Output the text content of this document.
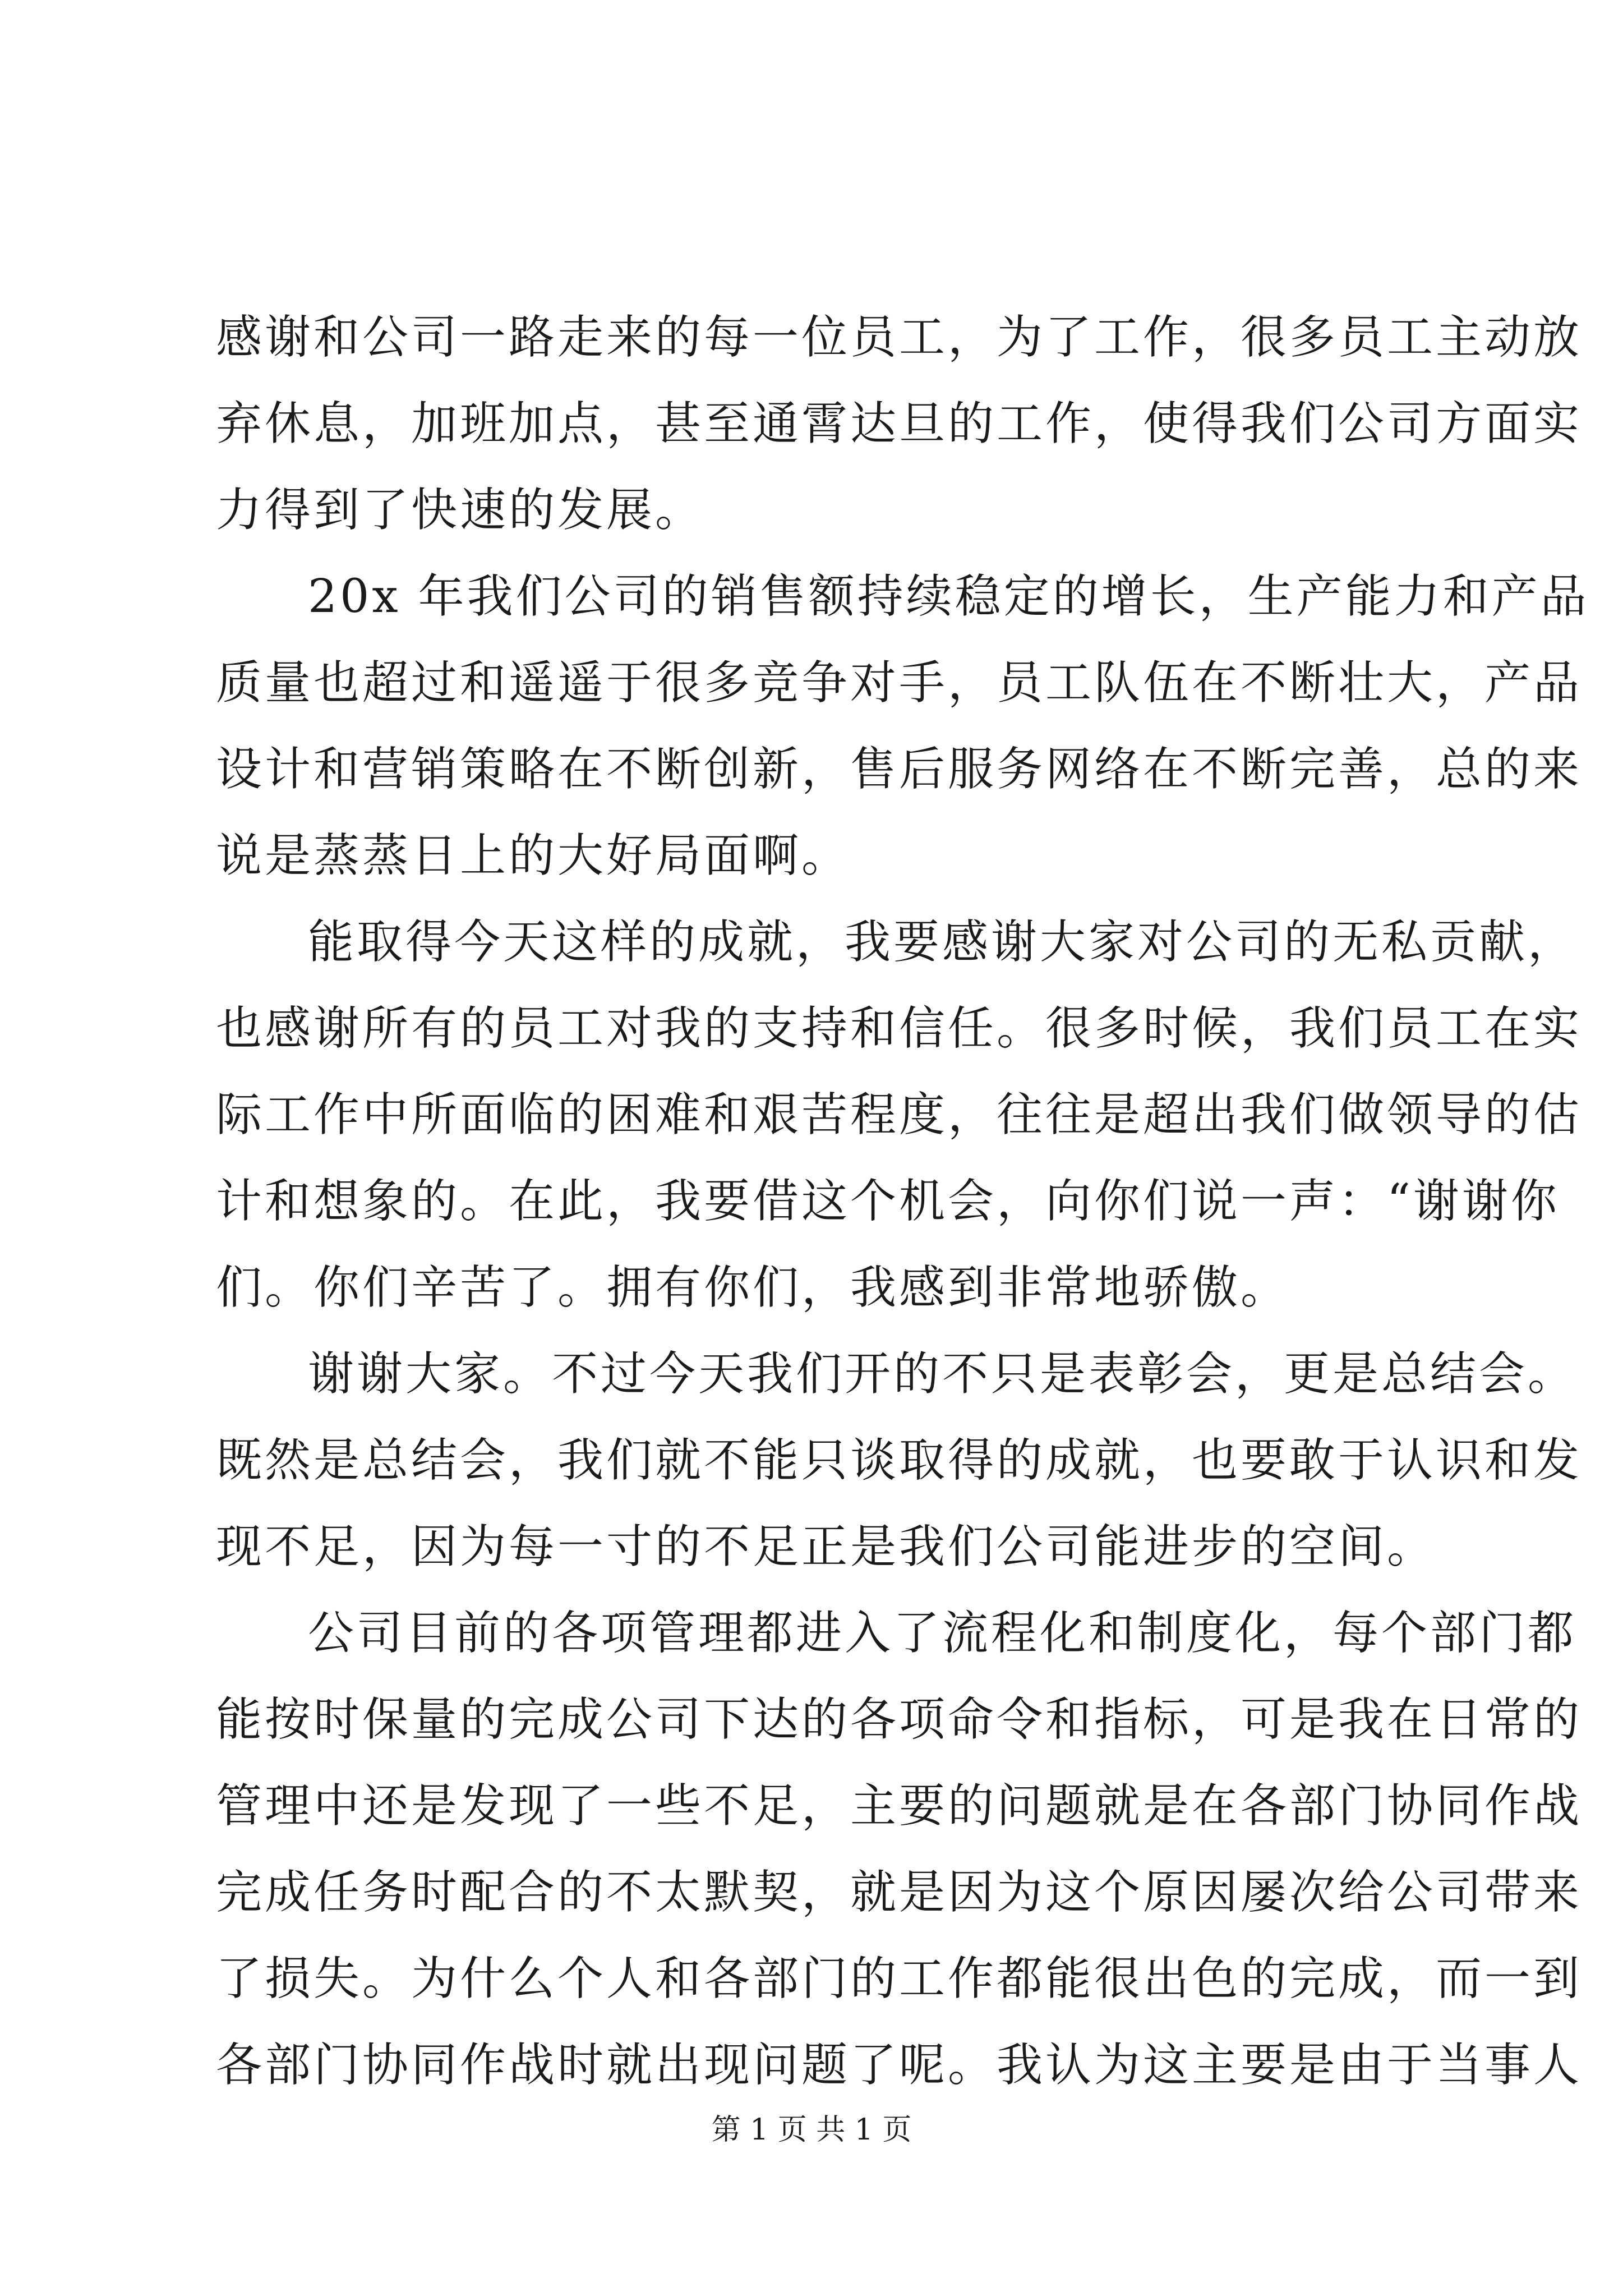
感谢和公司一路走来的每一位员工，为了工作，很多员工主动放
弃休息，加班加点，甚至通霄达旦的工作，使得我们公司方面实
力得到了快速的发展。
20x 年我们公司的销售额持续稳定的增长，生产能力和产品
质量也超过和遥遥于很多竞争对手，员工队伍在不断壮大，产品
设计和营销策略在不断创新，售后服务网络在不断完善，总的来
说是蒸蒸日上的大好局面啊。
能取得今天这样的成就，我要感谢大家对公司的无私贡献，
也感谢所有的员工对我的支持和信任。很多时候，我们员工在实
际工作中所面临的困难和艰苦程度，往往是超出我们做领导的估
计和想象的。在此，我要借这个机会，向你们说一声：“谢谢你
们。你们辛苦了。拥有你们，我感到非常地骄傲。
谢谢大家。不过今天我们开的不只是表彰会，更是总结会。
既然是总结会，我们就不能只谈取得的成就，也要敢于认识和发
现不足，因为每一寸的不足正是我们公司能进步的空间。
公司目前的各项管理都进入了流程化和制度化，每个部门都
能按时保量的完成公司下达的各项命令和指标，可是我在日常的
管理中还是发现了一些不足，主要的问题就是在各部门协同作战
完成任务时配合的不太默契，就是因为这个原因屡次给公司带来
了损失。为什么个人和各部门的工作都能很出色的完成，而一到
各部门协同作战时就出现问题了呢。我认为这主要是由于当事人
第 1 页 共 1 页
